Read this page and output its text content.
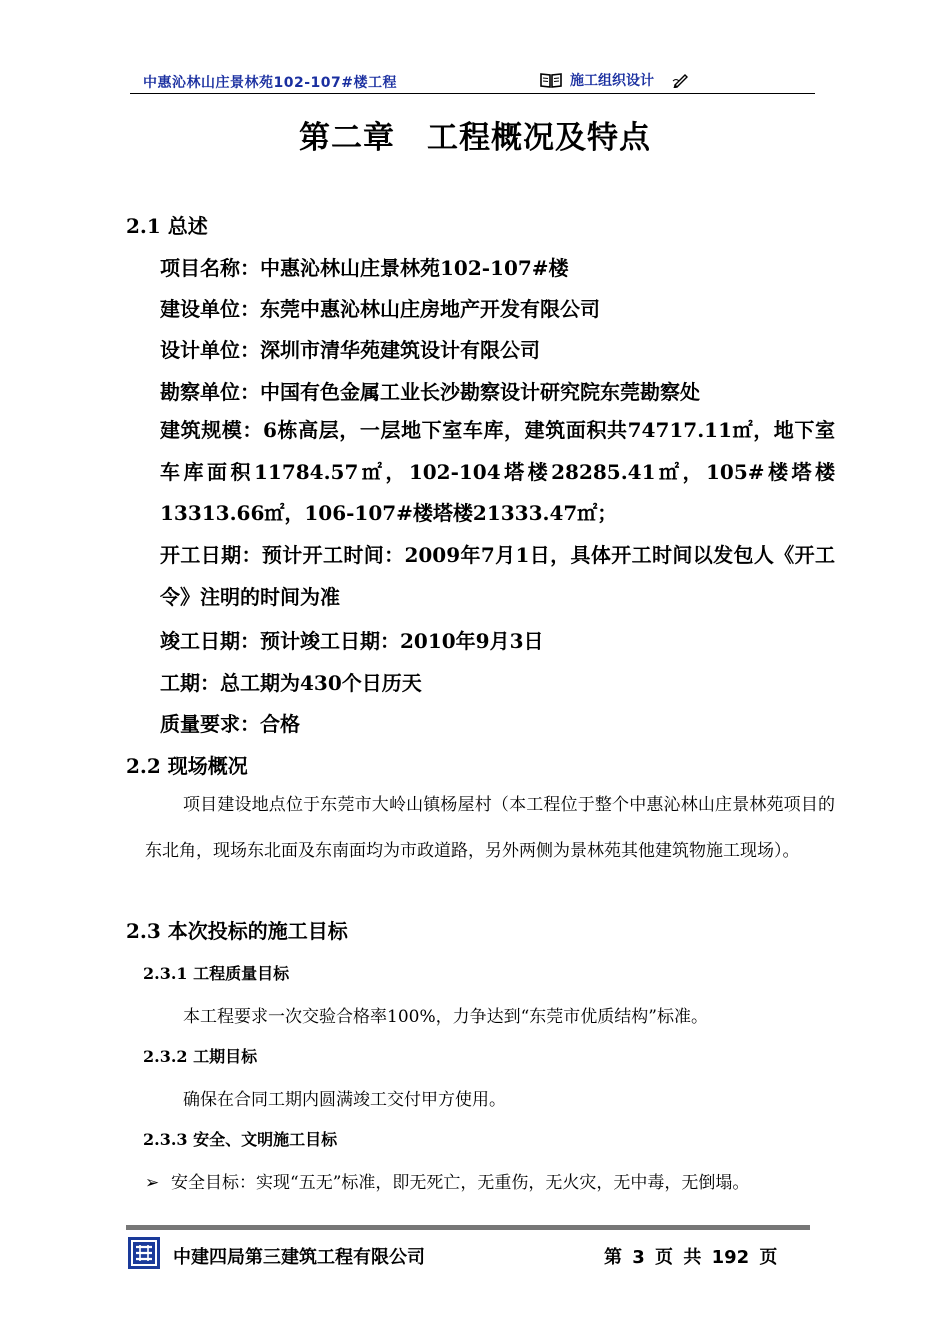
中惠沁林山庄景林苑102-107#楼工程	施工组织设计
第二章　工程概况及特点
2.1 总述
项目名称：中惠沁林山庄景林苑102-107#楼
建设单位：东莞中惠沁林山庄房地产开发有限公司
设计单位：深圳市清华苑建筑设计有限公司
勘察单位：中国有色金属工业长沙勘察设计研究院东莞勘察处
建筑规模：6栋高层，一层地下室车库，建筑面积共74717.11㎡，地下室车库面积11784.57㎡，102-104塔楼28285.41㎡，105#楼塔楼13313.66㎡，106-107#楼塔楼21333.47㎡；
开工日期：预计开工时间：2009年7月1日，具体开工时间以发包人《开工令》注明的时间为准
竣工日期：预计竣工日期：2010年9月3日
工期：总工期为430个日历天
质量要求：合格
2.2 现场概况
项目建设地点位于东莞市大岭山镇杨屋村（本工程位于整个中惠沁林山庄景林苑项目的东北角，现场东北面及东南面均为市政道路，另外两侧为景林苑其他建筑物施工现场）。
2.3 本次投标的施工目标
2.3.1 工程质量目标
本工程要求一次交验合格率100%，力争达到“东莞市优质结构”标准。
2.3.2 工期目标
确保在合同工期内圆满竣工交付甲方使用。
2.3.3 安全、文明施工目标
➢ 安全目标：实现“五无”标准，即无死亡，无重伤，无火灾，无中毒，无倒塌。
中建四局第三建筑工程有限公司	第 3 页 共 192 页
